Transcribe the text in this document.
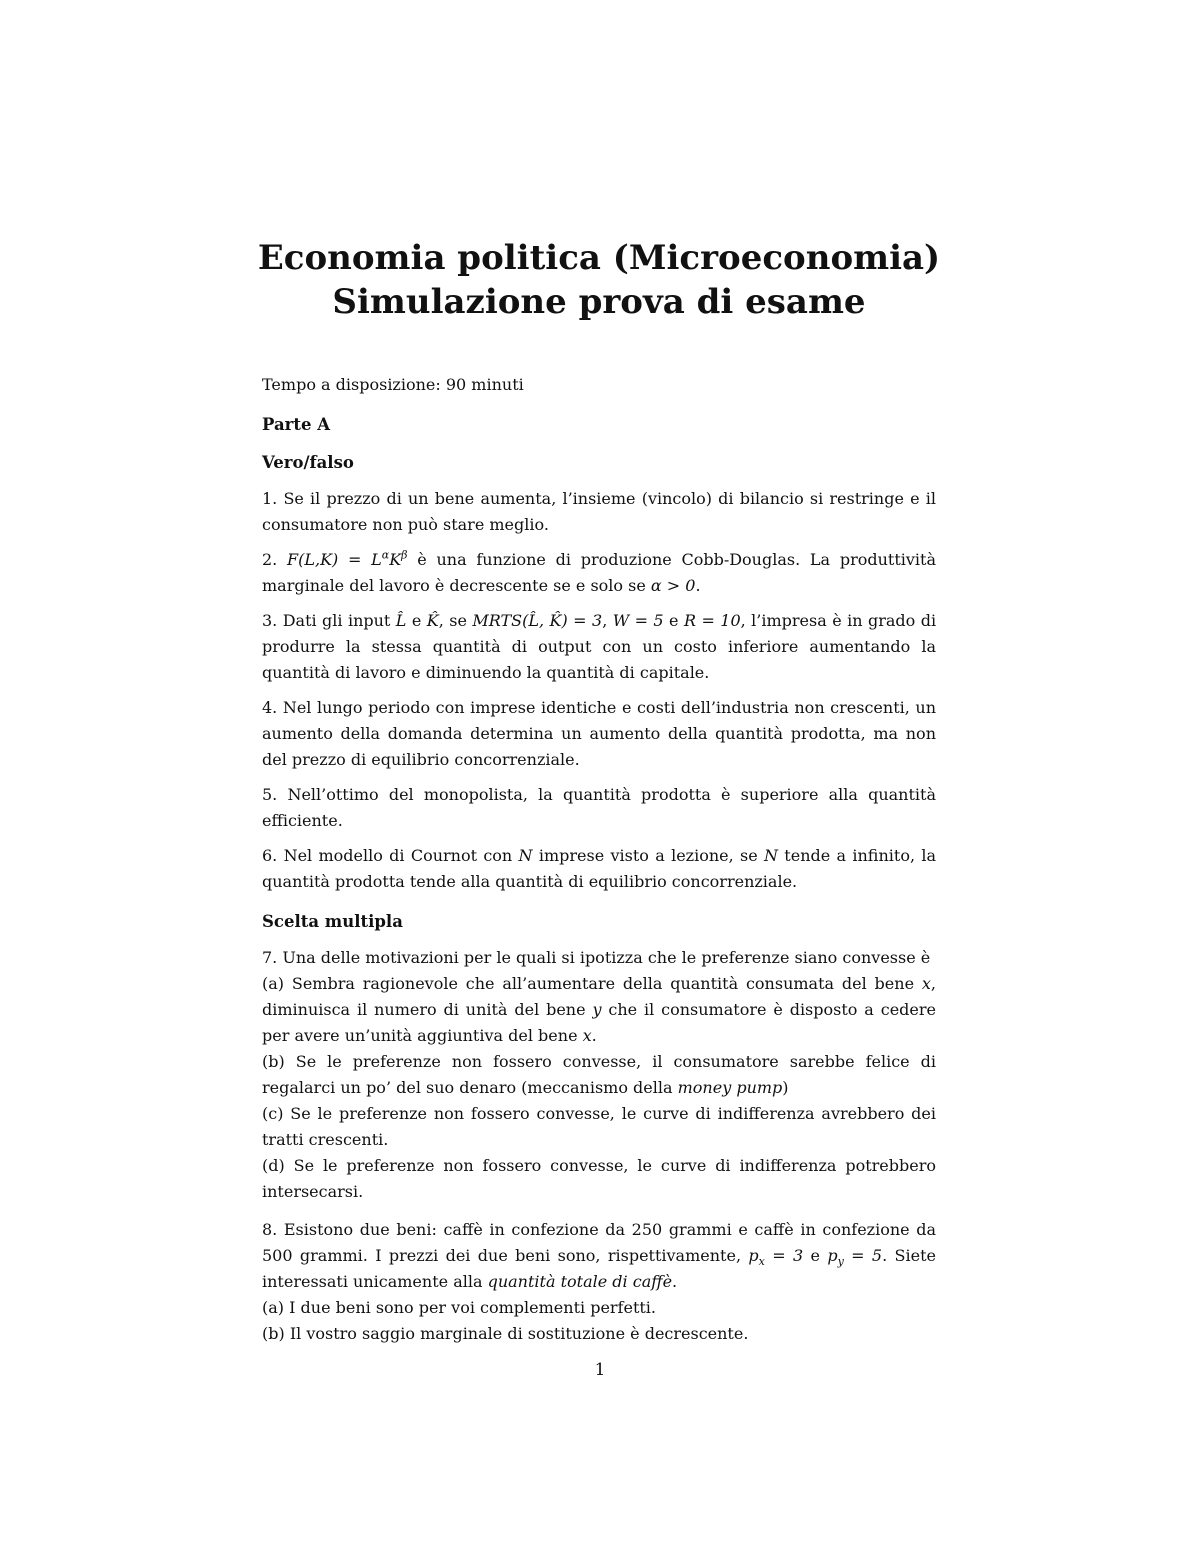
Economia politica (Microeconomia)
Simulazione prova di esame
Tempo a disposizione: 90 minuti
Parte A
Vero/falso
1. Se il prezzo di un bene aumenta, l’insieme (vincolo) di bilancio si restringe e il consumatore non può stare meglio.
2. $F(L,K) = L^\alpha K^\beta$ è una funzione di produzione Cobb-Douglas. La produttività marginale del lavoro è decrescente se e solo se α > 0.
3. Dati gli input L̂ e K̂, se MRTS(L̂, K̂) = 3, W = 5 e R = 10, l’impresa è in grado di produrre la stessa quantità di output con un costo inferiore aumentando la quantità di lavoro e diminuendo la quantità di capitale.
4. Nel lungo periodo con imprese identiche e costi dell’industria non crescenti, un aumento della domanda determina un aumento della quantità prodotta, ma non del prezzo di equilibrio concorrenziale.
5. Nell’ottimo del monopolista, la quantità prodotta è superiore alla quantità efficiente.
6. Nel modello di Cournot con N imprese visto a lezione, se N tende a infinito, la quantità prodotta tende alla quantità di equilibrio concorrenziale.
Scelta multipla
7. Una delle motivazioni per le quali si ipotizza che le preferenze siano convesse è
(a) Sembra ragionevole che all’aumentare della quantità consumata del bene x, diminuisca il numero di unità del bene y che il consumatore è disposto a cedere per avere un’unità aggiuntiva del bene x.
(b) Se le preferenze non fossero convesse, il consumatore sarebbe felice di regalarci un po’ del suo denaro (meccanismo della money pump)
(c) Se le preferenze non fossero convesse, le curve di indifferenza avrebbero dei tratti crescenti.
(d) Se le preferenze non fossero convesse, le curve di indifferenza potrebbero intersecarsi.
8. Esistono due beni: caffè in confezione da 250 grammi e caffè in confezione da 500 grammi. I prezzi dei due beni sono, rispettivamente, $p_x = 3$ e $p_y = 5$. Siete interessati unicamente alla quantità totale di caffè.
(a) I due beni sono per voi complementi perfetti.
(b) Il vostro saggio marginale di sostituzione è decrescente.
1
